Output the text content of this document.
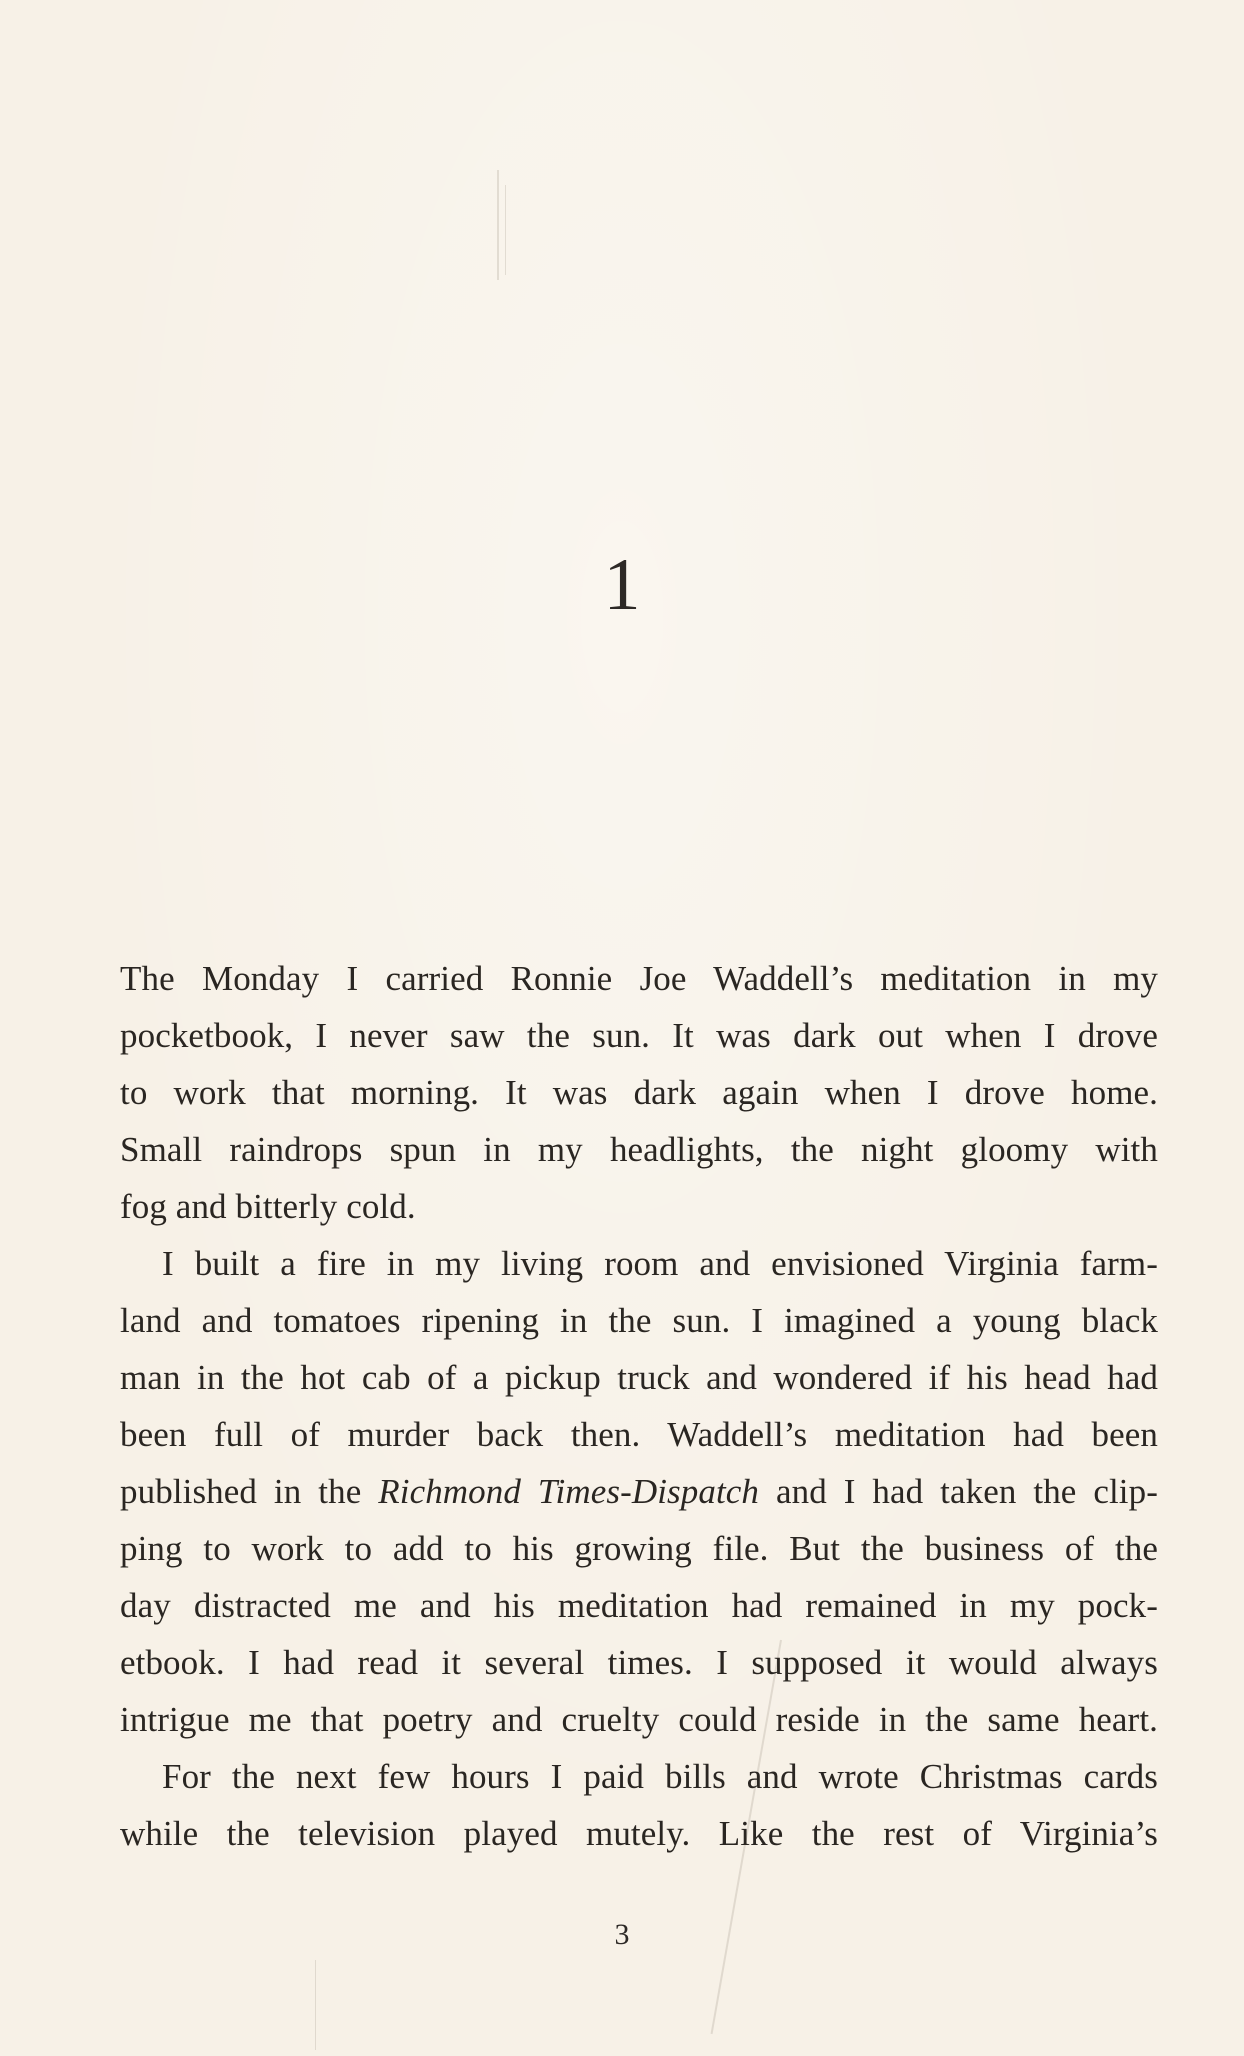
1

The Monday I carried Ronnie Joe Waddell’s meditation in my
pocketbook, I never saw the sun. It was dark out when I drove
to work that morning. It was dark again when I drove home.
Small raindrops spun in my headlights, the night gloomy with
fog and bitterly cold.

I built a fire in my living room and envisioned Virginia farm-
land and tomatoes ripening in the sun. I imagined a young black
man in the hot cab of a pickup truck and wondered if his head had
been full of murder back then. Waddell’s meditation had been
published in the Richmond Times-Dispatch and I had taken the clip-
ping to work to add to his growing file. But the business of the
day distracted me and his meditation had remained in my pock-
etbook. I had read it several times. I supposed it would always
intrigue me that poetry and cruelty could reside in the same heart.

For the next few hours I paid bills and wrote Christmas cards
while the television played mutely. Like the rest of Virginia’s

3
